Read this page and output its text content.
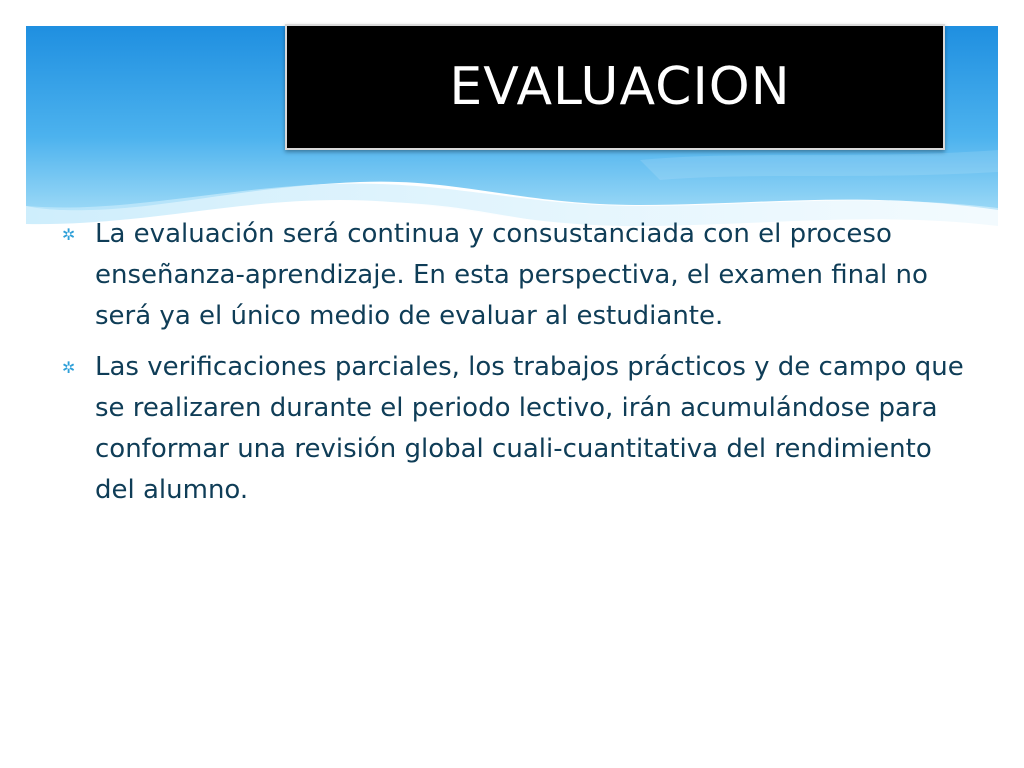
EVALUACION
✲ La evaluación será continua y consustanciada con el proceso enseñanza-aprendizaje. En esta perspectiva, el examen final no será ya el único medio de evaluar al estudiante.
✲ Las verificaciones parciales, los trabajos prácticos y de campo que se realizaren durante el periodo lectivo, irán acumulándose para conformar una revisión global cuali-cuantitativa del rendimiento del alumno.
